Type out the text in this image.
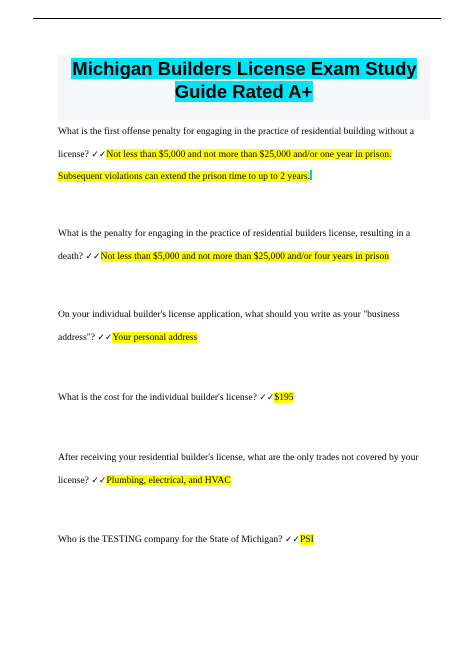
Michigan Builders License Exam Study Guide Rated A+

What is the first offense penalty for engaging in the practice of residential building without a license? ✓✓Not less than $5,000 and not more than $25,000 and/or one year in prison. Subsequent violations can extend the prison time to up to 2 years.

What is the penalty for engaging in the practice of residential builders license, resulting in a death? ✓✓Not less than $5,000 and not more than $25,000 and/or four years in prison

On your individual builder's license application, what should you write as your "business address"? ✓✓Your personal address

What is the cost for the individual builder's license? ✓✓$195

After receiving your residential builder's license, what are the only trades not covered by your license? ✓✓Plumbing, electrical, and HVAC

Who is the TESTING company for the State of Michigan? ✓✓PSI
